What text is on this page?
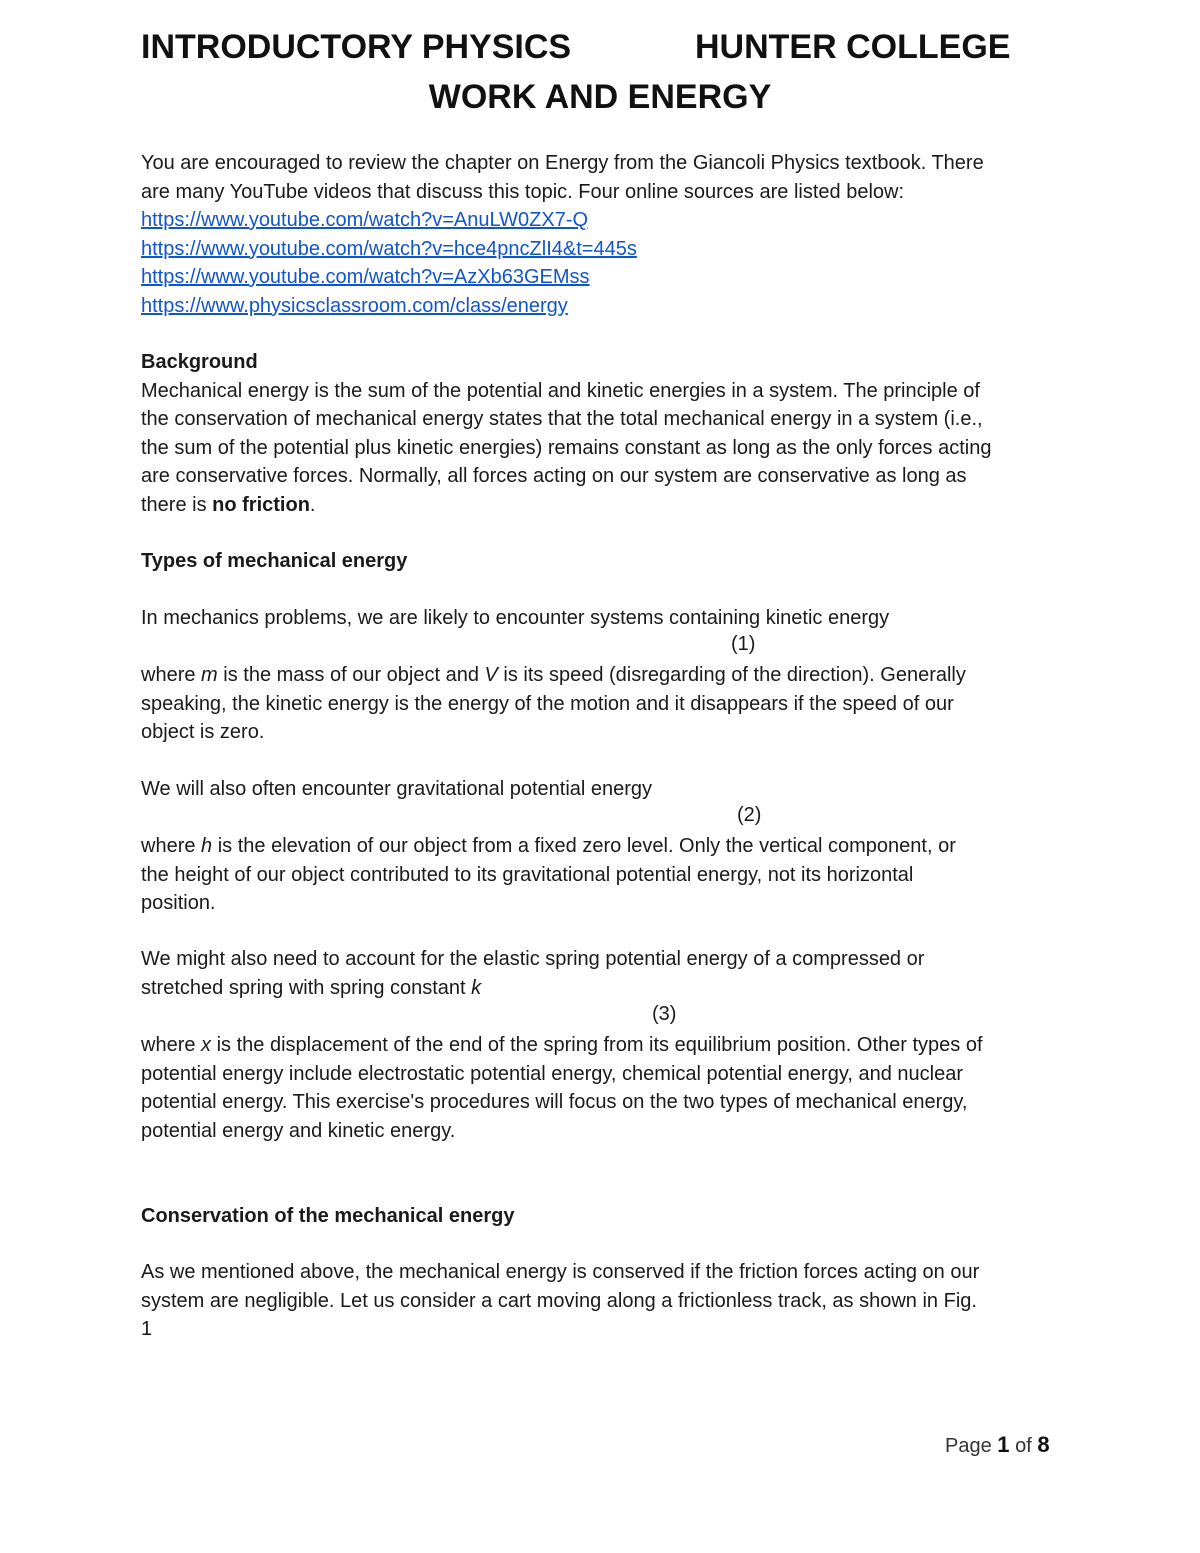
INTRODUCTORY PHYSICS	HUNTER COLLEGE
WORK AND ENERGY
You are encouraged to review the chapter on Energy from the Giancoli Physics textbook. There
are many YouTube videos that discuss this topic. Four online sources are listed below:
https://www.youtube.com/watch?v=AnuLW0ZX7-Q
https://www.youtube.com/watch?v=hce4pncZlI4&t=445s
https://www.youtube.com/watch?v=AzXb63GEMss
https://www.physicsclassroom.com/class/energy
Background
Mechanical energy is the sum of the potential and kinetic energies in a system. The principle of
the conservation of mechanical energy states that the total mechanical energy in a system (i.e.,
the sum of the potential plus kinetic energies) remains constant as long as the only forces acting
are conservative forces. Normally, all forces acting on our system are conservative as long as
there is no friction.
Types of mechanical energy
In mechanics problems, we are likely to encounter systems containing kinetic energy
(1)
where m is the mass of our object and V is its speed (disregarding of the direction). Generally
speaking, the kinetic energy is the energy of the motion and it disappears if the speed of our
object is zero.
We will also often encounter gravitational potential energy
(2)
where h is the elevation of our object from a fixed zero level. Only the vertical component, or
the height of our object contributed to its gravitational potential energy, not its horizontal
position.
We might also need to account for the elastic spring potential energy of a compressed or
stretched spring with spring constant k
(3)
where x is the displacement of the end of the spring from its equilibrium position. Other types of
potential energy include electrostatic potential energy, chemical potential energy, and nuclear
potential energy. This exercise's procedures will focus on the two types of mechanical energy,
potential energy and kinetic energy.
Conservation of the mechanical energy
As we mentioned above, the mechanical energy is conserved if the friction forces acting on our
system are negligible. Let us consider a cart moving along a frictionless track, as shown in Fig.
1
Page 1 of 8
